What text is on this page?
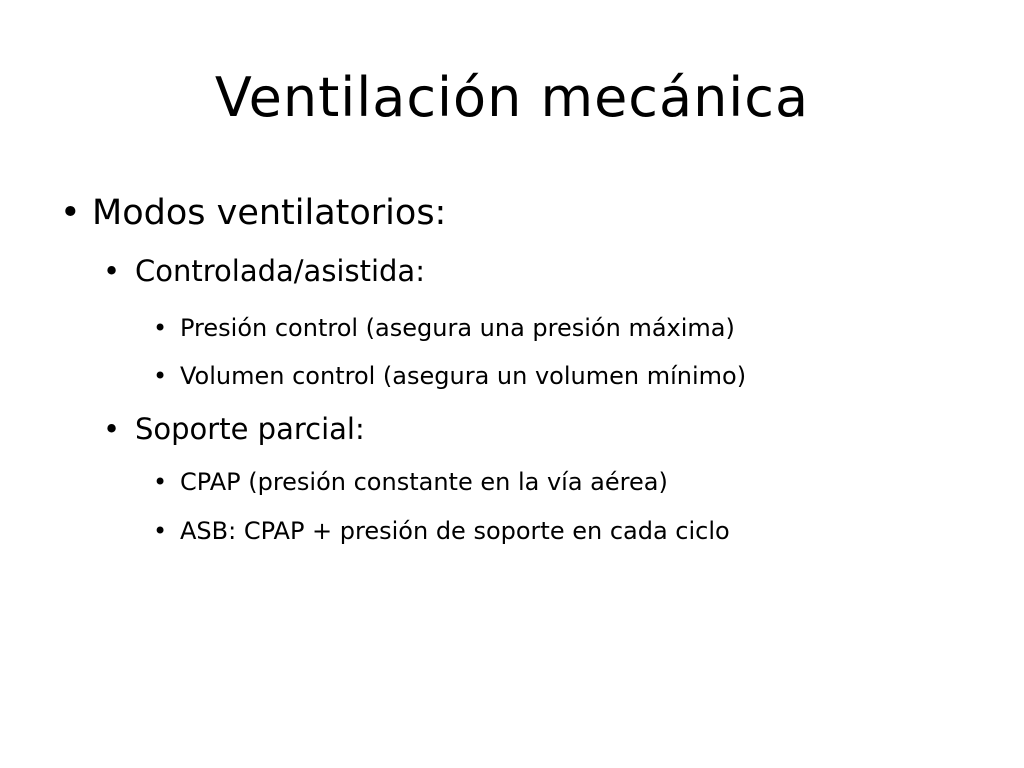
Ventilación mecánica
• Modos ventilatorios:
• Controlada/asistida:
• Presión control (asegura una presión máxima)
• Volumen control (asegura un volumen mínimo)
• Soporte parcial:
• CPAP (presión constante en la vía aérea)
• ASB: CPAP + presión de soporte en cada ciclo
